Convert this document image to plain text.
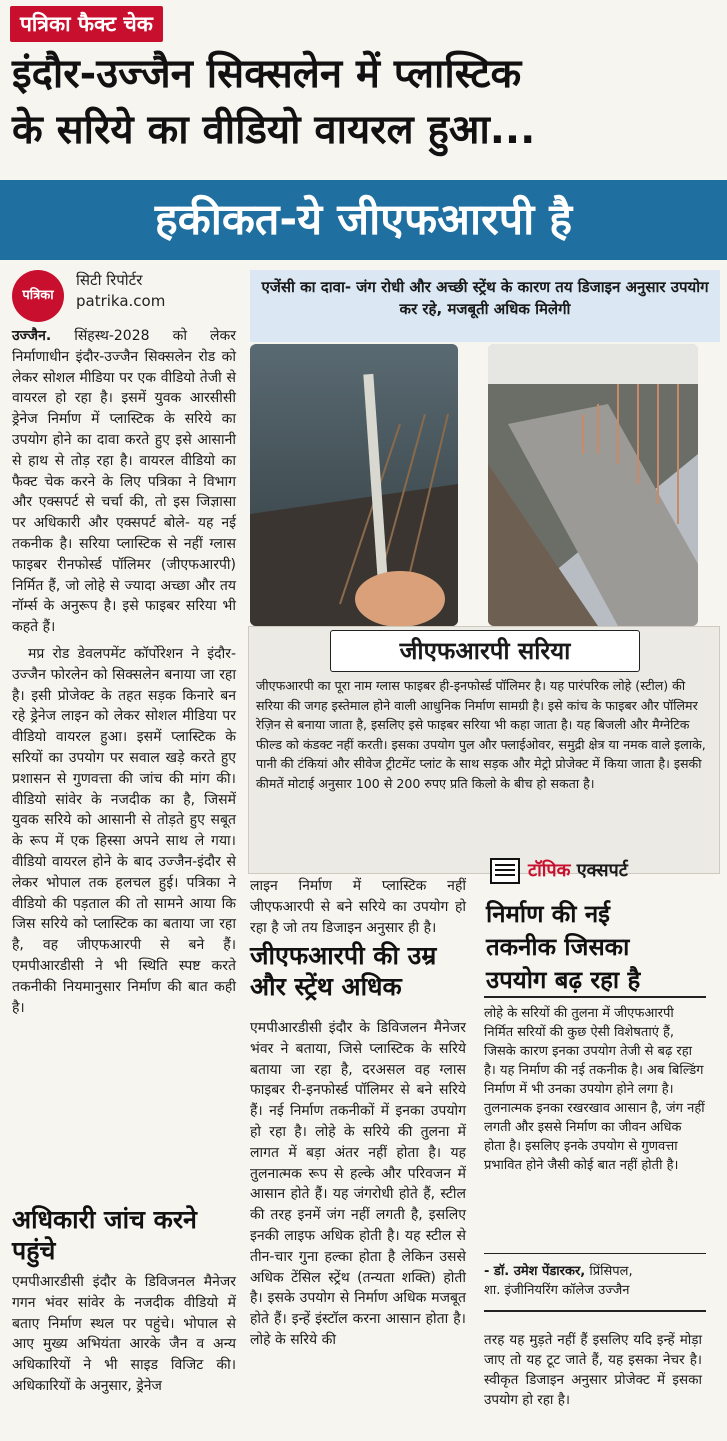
पत्रिका फैक्ट चेक
इंदौर-उज्जैन सिक्सलेन में प्लास्टिक
के सरिये का वीडियो वायरल हुआ...
हकीकत-ये जीएफआरपी है
पत्रिका
सिटी रिपोर्टर
patrika.com

उज्जैन. सिंहस्थ-2028 को लेकर निर्माणाधीन इंदौर-उज्जैन सिक्सलेन रोड को लेकर सोशल मीडिया पर एक वीडियो तेजी से वायरल हो रहा है। इसमें युवक आरसीसी ड्रेनेज निर्माण में प्लास्टिक के सरिये का उपयोग होने का दावा करते हुए इसे आसानी से हाथ से तोड़ रहा है। वायरल वीडियो का फैक्ट चेक करने के लिए पत्रिका ने विभाग और एक्सपर्ट से चर्चा की, तो इस जिज्ञासा पर अधिकारी और एक्सपर्ट बोले- यह नई तकनीक है। सरिया प्लास्टिक से नहीं ग्लास फाइबर रीनफोर्स्ड पॉलिमर (जीएफआरपी) निर्मित हैं, जो लोहे से ज्यादा अच्छा और तय नॉर्म्स के अनुरूप है। इसे फाइबर सरिया भी कहते हैं।

मप्र रोड डेवलपमेंट कॉर्पोरेशन ने इंदौर-उज्जैन फोरलेन को सिक्सलेन बनाया जा रहा है। इसी प्रोजेक्ट के तहत सड़क किनारे बन रहे ड्रेनेज लाइन को लेकर सोशल मीडिया पर वीडियो वायरल हुआ। इसमें प्लास्टिक के सरियों का उपयोग पर सवाल खड़े करते हुए प्रशासन से गुणवत्ता की जांच की मांग की। वीडियो सांवेर के नजदीक का है, जिसमें युवक सरिये को आसानी से तोड़ते हुए सबूत के रूप में एक हिस्सा अपने साथ ले गया। वीडियो वायरल होने के बाद उज्जैन-इंदौर से लेकर भोपाल तक हलचल हुई। पत्रिका ने वीडियो की पड़ताल की तो सामने आया कि जिस सरिये को प्लास्टिक का बताया जा रहा है, वह जीएफआरपी से बने हैं। एमपीआरडीसी ने भी स्थिति स्पष्ट करते तकनीकी नियमानुसार निर्माण की बात कही है।

अधिकारी जांच करने पहुंचे
एमपीआरडीसी इंदौर के डिविजनल मैनेजर गगन भंवर सांवेर के नजदीक वीडियो में बताए निर्माण स्थल पर पहुंचे। भोपाल से आए मुख्य अभियंता आरके जैन व अन्य अधिकारियों ने भी साइड विजिट की। अधिकारियों के अनुसार, ड्रेनेज
एजेंसी का दावा- जंग रोधी और अच्छी स्ट्रेंथ के कारण तय डिजाइन अनुसार उपयोग कर रहे, मजबूती अधिक मिलेगी
जीएफआरपी सरिया
जीएफआरपी का पूरा नाम ग्लास फाइबर ही-इनफोर्स्ड पॉलिमर है। यह पारंपरिक लोहे (स्टील) की सरिया की जगह इस्तेमाल होने वाली आधुनिक निर्माण सामग्री है। इसे कांच के फाइबर और पॉलिमर रेज़िन से बनाया जाता है, इसलिए इसे फाइबर सरिया भी कहा जाता है। यह बिजली और मैग्नेटिक फील्ड को कंडक्ट नहीं करती। इसका उपयोग पुल और फ्लाईओवर, समुद्री क्षेत्र या नमक वाले इलाके, पानी की टंकियां और सीवेज ट्रीटमेंट प्लांट के साथ सड़क और मेट्रो प्रोजेक्ट में किया जाता है। इसकी कीमतें मोटाई अनुसार 100 से 200 रुपए प्रति किलो के बीच हो सकता है।
लाइन निर्माण में प्लास्टिक नहीं जीएफआरपी से बने सरिये का उपयोग हो रहा है जो तय डिजाइन अनुसार ही है।
जीएफआरपी की उम्र और स्ट्रेंथ अधिक
एमपीआरडीसी इंदौर के डिविजलन मैनेजर भंवर ने बताया, जिसे प्लास्टिक के सरिये बताया जा रहा है, दरअसल वह ग्लास फाइबर री-इनफोर्स्ड पॉलिमर से बने सरिये हैं। नई निर्माण तकनीकों में इनका उपयोग हो रहा है। लोहे के सरिये की तुलना में लागत में बड़ा अंतर नहीं होता है। यह तुलनात्मक रूप से हल्के और परिवजन में आसान होते हैं। यह जंगरोधी होते हैं, स्टील की तरह इनमें जंग नहीं लगती है, इसलिए इनकी लाइफ अधिक होती है। यह स्टील से तीन-चार गुना हल्का होता है लेकिन उससे अधिक टेंसिल स्ट्रेंथ (तन्यता शक्ति) होती है। इसके उपयोग से निर्माण अधिक मजबूत होते हैं। इन्हें इंस्टॉल करना आसान होता है। लोहे के सरिये की
टॉपिक एक्सपर्ट
निर्माण की नई तकनीक जिसका उपयोग बढ़ रहा है
लोहे के सरियों की तुलना में जीएफआरपी निर्मित सरियों की कुछ ऐसी विशेषताएं हैं, जिसके कारण इनका उपयोग तेजी से बढ़ रहा है। यह निर्माण की नई तकनीक है। अब बिल्डिंग निर्माण में भी उनका उपयोग होने लगा है। तुलनात्मक इनका रखरखाव आसान है, जंग नहीं लगती और इससे निर्माण का जीवन अधिक होता है। इसलिए इनके उपयोग से गुणवत्ता प्रभावित होने जैसी कोई बात नहीं होती है।
- डॉ. उमेश पेंडारकर, प्रिंसिपल,
शा. इंजीनियरिंग कॉलेज उज्जैन
तरह यह मुड़ते नहीं हैं इसलिए यदि इन्हें मोड़ा जाए तो यह टूट जाते हैं, यह इसका नेचर है। स्वीकृत डिजाइन अनुसार प्रोजेक्ट में इसका उपयोग हो रहा है।
